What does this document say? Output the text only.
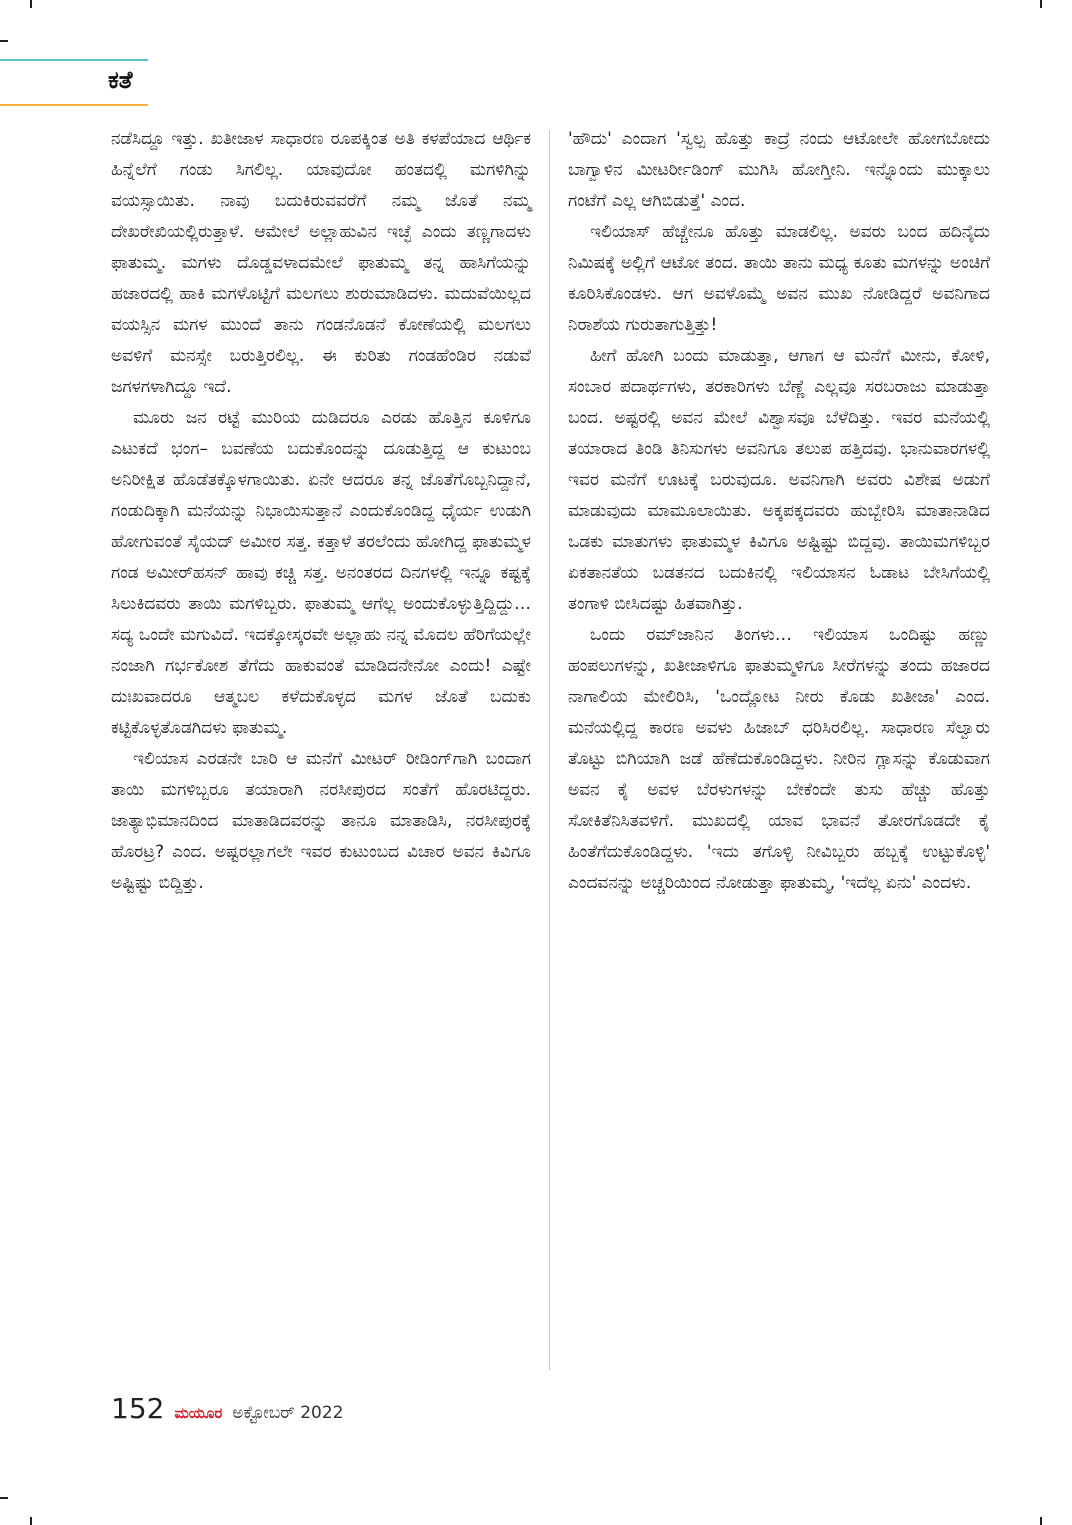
ಕತೆ

ನಡೆಸಿದ್ದೂ ಇತ್ತು. ಖತೀಜಾಳ ಸಾಧಾರಣ ರೂಪಕ್ಕಿಂತ ಅತಿ ಕಳಪೆಯಾದ ಆರ್ಥಿಕ ಹಿನ್ನೆಲೆಗೆ ಗಂಡು ಸಿಗಲಿಲ್ಲ. ಯಾವುದೋ ಹಂತದಲ್ಲಿ ಮಗಳಿಗಿನ್ನು ವಯಸ್ಸಾಯಿತು. ನಾವು ಬದುಕಿರುವವರೆಗೆ ನಮ್ಮ ಜೊತೆ ನಮ್ಮ ದೇಖರೇಖಿಯಲ್ಲಿರುತ್ತಾಳೆ. ಆಮೇಲೆ ಅಲ್ಲಾಹುವಿನ ಇಚ್ಛೆ ಎಂದು ತಣ್ಣಗಾದಳು ಫಾತುಮ್ಮ. ಮಗಳು ದೊಡ್ಡವಳಾದಮೇಲೆ ಫಾತುಮ್ಮ ತನ್ನ ಹಾಸಿಗೆಯನ್ನು ಹಜಾರದಲ್ಲಿ ಹಾಕಿ ಮಗಳೊಟ್ಟಿಗೆ ಮಲಗಲು ಶುರುಮಾಡಿದಳು. ಮದುವೆಯಿಲ್ಲದ ವಯಸ್ಸಿನ ಮಗಳ ಮುಂದೆ ತಾನು ಗಂಡನೊಡನೆ ಕೋಣೆಯಲ್ಲಿ ಮಲಗಲು ಅವಳಿಗೆ ಮನಸ್ಸೇ ಬರುತ್ತಿರಲಿಲ್ಲ. ಈ ಕುರಿತು ಗಂಡಹೆಂಡಿರ ನಡುವೆ ಜಗಳಗಳಾಗಿದ್ದೂ ಇದೆ.

ಮೂರು ಜನ ರಟ್ಟೆ ಮುರಿಯ ದುಡಿದರೂ ಎರಡು ಹೊತ್ತಿನ ಕೂಳಿಗೂ ಎಟುಕದೆ ಭಂಗ– ಬವಣೆಯ ಬದುಕೊಂದನ್ನು ದೂಡುತ್ತಿದ್ದ ಆ ಕುಟುಂಬ ಅನಿರೀಕ್ಷಿತ ಹೊಡೆತಕ್ಕೊಳಗಾಯಿತು. ಏನೇ ಆದರೂ ತನ್ನ ಜೊತೆಗೊಬ್ಬನಿದ್ದಾನೆ, ಗಂಡುದಿಕ್ಕಾಗಿ ಮನೆಯನ್ನು ನಿಭಾಯಿಸುತ್ತಾನೆ ಎಂದುಕೊಂಡಿದ್ದ ಧೈರ್ಯ ಉಡುಗಿ ಹೋಗುವಂತೆ ಸೈಯದ್ ಅಮೀರ ಸತ್ತ. ಕತ್ತಾಳೆ ತರಲೆಂದು ಹೋಗಿದ್ದ ಫಾತುಮ್ಮಳ ಗಂಡ ಅಮೀರ್‌ಹಸನ್ ಹಾವು ಕಚ್ಚಿ ಸತ್ತ. ಅನಂತರದ ದಿನಗಳಲ್ಲಿ ಇನ್ನೂ ಕಷ್ಟಕ್ಕೆ ಸಿಲುಕಿದವರು ತಾಯಿ ಮಗಳಿಬ್ಬರು. ಫಾತುಮ್ಮ ಆಗೆಲ್ಲ ಅಂದುಕೊಳ್ಳುತ್ತಿದ್ದಿದ್ದು… ಸದ್ಯ ಒಂದೇ ಮಗುವಿದೆ. ಇದಕ್ಕೋಸ್ಕರವೇ ಅಲ್ಲಾಹು ನನ್ನ ಮೊದಲ ಹೆರಿಗೆಯಲ್ಲೇ ನಂಜಾಗಿ ಗರ್ಭಕೋಶ ತೆಗೆದು ಹಾಕುವಂತೆ ಮಾಡಿದನೇನೋ ಎಂದು! ಎಷ್ಟೇ ದುಃಖವಾದರೂ ಆತ್ಮಬಲ ಕಳೆದುಕೊಳ್ಳದ ಮಗಳ ಜೊತೆ ಬದುಕು ಕಟ್ಟಿಕೊಳ್ಳತೊಡಗಿದಳು ಫಾತುಮ್ಮ.

ಇಲಿಯಾಸ ಎರಡನೇ ಬಾರಿ ಆ ಮನೆಗೆ ಮೀಟರ್ ರೀಡಿಂಗ್‌ಗಾಗಿ ಬಂದಾಗ ತಾಯಿ ಮಗಳಿಬ್ಬರೂ ತಯಾರಾಗಿ ನರಸೀಪುರದ ಸಂತೆಗೆ ಹೊರಟಿದ್ದರು. ಜಾತ್ಯಾಭಿಮಾನದಿಂದ ಮಾತಾಡಿದವರನ್ನು ತಾನೂ ಮಾತಾಡಿಸಿ, ನರಸೀಪುರಕ್ಕೆ ಹೊರಟ್ರ? ಎಂದ. ಅಷ್ಟರಲ್ಲಾಗಲೇ ಇವರ ಕುಟುಂಬದ ವಿಚಾರ ಅವನ ಕಿವಿಗೂ ಅಷ್ಟಿಷ್ಟು ಬಿದ್ದಿತ್ತು.

'ಹೌದು' ಎಂದಾಗ 'ಸ್ವಲ್ಪ ಹೊತ್ತು ಕಾದ್ರೆ ನಂದು ಆಟೋಲೇ ಹೋಗಬೋದು ಬಾಗ್ವಾಳಿನ ಮೀಟರ್ರೀಡಿಂಗ್ ಮುಗಿಸಿ ಹೋಗ್ತೀನಿ. ಇನ್ನೊಂದು ಮುಕ್ಕಾಲು ಗಂಟೆಗೆ ಎಲ್ಲ ಆಗಿಬಿಡುತ್ತೆ' ಎಂದ.

ಇಲಿಯಾಸ್ ಹೆಚ್ಚೇನೂ ಹೊತ್ತು ಮಾಡಲಿಲ್ಲ. ಅವರು ಬಂದ ಹದಿನೈದು ನಿಮಿಷಕ್ಕೆ ಅಲ್ಲಿಗೆ ಆಟೋ ತಂದ. ತಾಯಿ ತಾನು ಮಧ್ಯ ಕೂತು ಮಗಳನ್ನು ಅಂಚಿಗೆ ಕೂರಿಸಿಕೊಂಡಳು. ಆಗ ಅವಳೊಮ್ಮೆ ಅವನ ಮುಖ ನೋಡಿದ್ದರೆ ಅವನಿಗಾದ ನಿರಾಶೆಯ ಗುರುತಾಗುತ್ತಿತ್ತು!

ಹೀಗೆ ಹೋಗಿ ಬಂದು ಮಾಡುತ್ತಾ, ಆಗಾಗ ಆ ಮನೆಗೆ ಮೀನು, ಕೋಳಿ, ಸಂಬಾರ ಪದಾರ್ಥಗಳು, ತರಕಾರಿಗಳು ಬೆಣ್ಣೆ ಎಲ್ಲವೂ ಸರಬರಾಜು ಮಾಡುತ್ತಾ ಬಂದ. ಅಷ್ಟರಲ್ಲಿ ಅವನ ಮೇಲೆ ವಿಶ್ವಾಸವೂ ಬೆಳೆದಿತ್ತು. ಇವರ ಮನೆಯಲ್ಲಿ ತಯಾರಾದ ತಿಂಡಿ ತಿನಿಸುಗಳು ಅವನಿಗೂ ತಲುಪ ಹತ್ತಿದವು. ಭಾನುವಾರಗಳಲ್ಲಿ ಇವರ ಮನೆಗೆ ಊಟಕ್ಕೆ ಬರುವುದೂ. ಅವನಿಗಾಗಿ ಅವರು ವಿಶೇಷ ಅಡುಗೆ ಮಾಡುವುದು ಮಾಮೂಲಾಯಿತು. ಅಕ್ಕಪಕ್ಕದವರು ಹುಬ್ಬೇರಿಸಿ ಮಾತಾನಾಡಿದ ಒಡಕು ಮಾತುಗಳು ಫಾತುಮ್ಮಳ ಕಿವಿಗೂ ಅಷ್ಟಿಷ್ಟು ಬಿದ್ದವು. ತಾಯಿಮಗಳಿಬ್ಬರ ಏಕತಾನತೆಯ ಬಡತನದ ಬದುಕಿನಲ್ಲಿ ಇಲಿಯಾಸನ ಓಡಾಟ ಬೇಸಿಗೆಯಲ್ಲಿ ತಂಗಾಳಿ ಬೀಸಿದಷ್ಟು ಹಿತವಾಗಿತ್ತು.

ಒಂದು ರಮ್‌ಜಾನಿನ ತಿಂಗಳು… ಇಲಿಯಾಸ ಒಂದಿಷ್ಟು ಹಣ್ಣು ಹಂಪಲುಗಳನ್ನು, ಖತೀಜಾಳಿಗೂ ಫಾತುಮ್ಮಳಿಗೂ ಸೀರೆಗಳನ್ನು ತಂದು ಹಜಾರದ ನಾಗಾಲಿಯ ಮೇಲಿರಿಸಿ, 'ಒಂದ್ಲೋಟ ನೀರು ಕೊಡು ಖತೀಜಾ' ಎಂದ. ಮನೆಯಲ್ಲಿದ್ದ ಕಾರಣ ಅವಳು ಹಿಜಾಬ್ ಧರಿಸಿರಲಿಲ್ಲ. ಸಾಧಾರಣ ಸೆಲ್ವಾರು ತೊಟ್ಟು ಬಿಗಿಯಾಗಿ ಜಡೆ ಹೆಣೆದುಕೊಂಡಿದ್ದಳು. ನೀರಿನ ಗ್ಲಾಸನ್ನು ಕೊಡುವಾಗ ಅವನ ಕೈ ಅವಳ ಬೆರಳುಗಳನ್ನು ಬೇಕೆಂದೇ ತುಸು ಹೆಚ್ಚು ಹೊತ್ತು ಸೋಕಿತೆನಿಸಿತವಳಿಗೆ. ಮುಖದಲ್ಲಿ ಯಾವ ಭಾವನೆ ತೋರಗೊಡದೇ ಕೈ ಹಿಂತೆಗೆದುಕೊಂಡಿದ್ದಳು. 'ಇದು ತಗೊಳ್ಳಿ ನೀವಿಬ್ಬರು ಹಬ್ಬಕ್ಕೆ ಉಟ್ಟುಕೊಳ್ಳಿ' ಎಂದವನನ್ನು ಅಚ್ಚರಿಯಿಂದ ನೋಡುತ್ತಾ ಫಾತುಮ್ಮ, 'ಇದೆಲ್ಲ ಏನು' ಎಂದಳು.

152 ಮಯೂರ ಅಕ್ಟೋಬರ್ 2022
